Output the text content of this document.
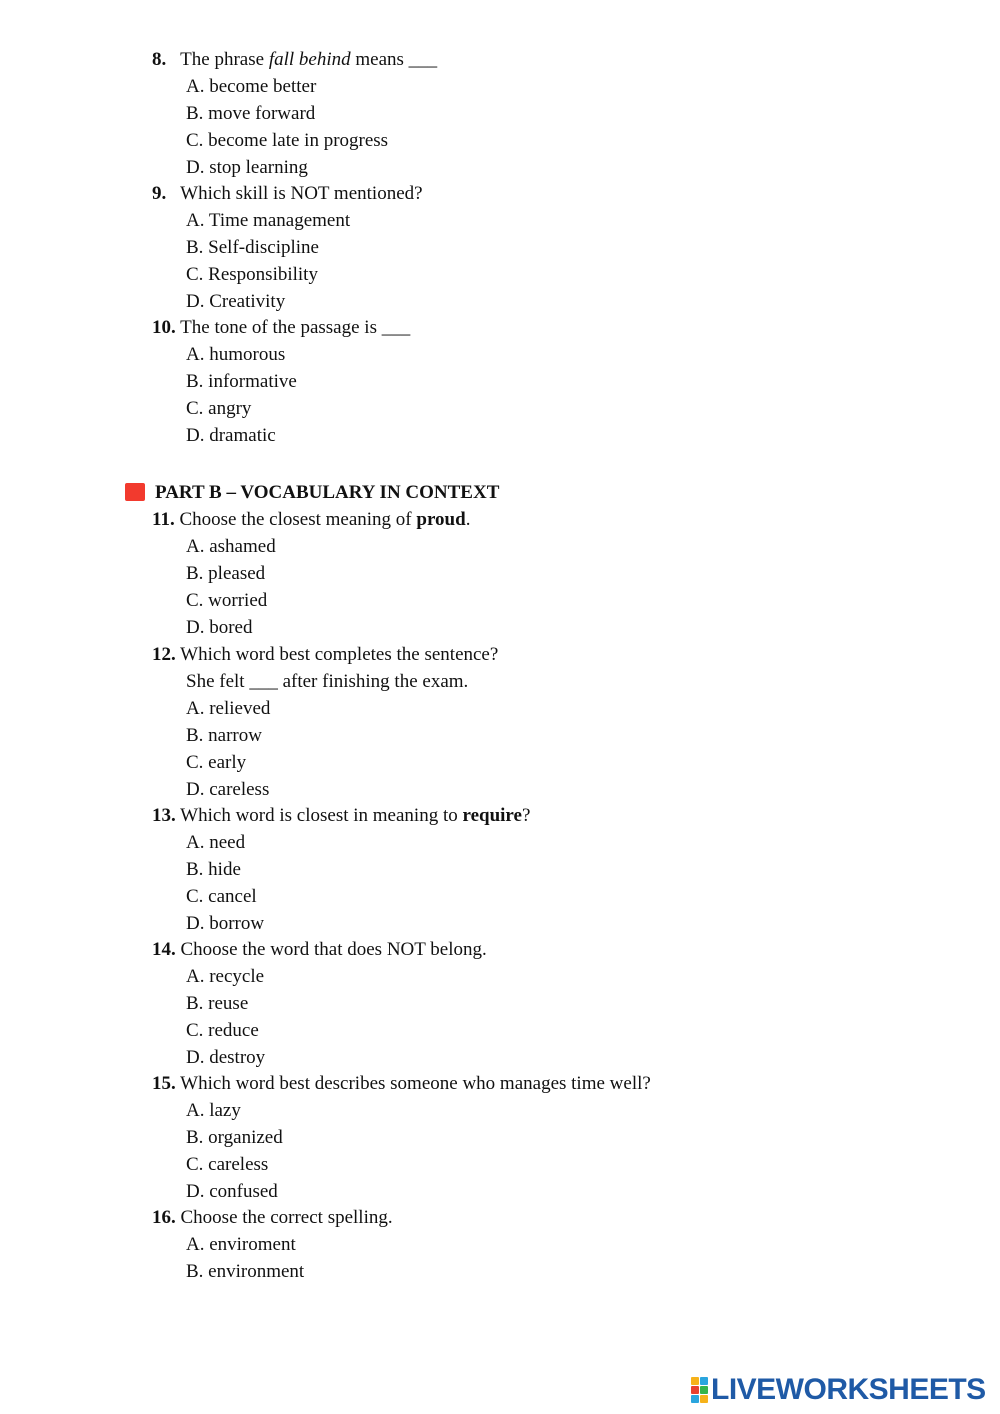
8. The phrase fall behind means ___
A. become better
B. move forward
C. become late in progress
D. stop learning
9. Which skill is NOT mentioned?
A. Time management
B. Self-discipline
C. Responsibility
D. Creativity
10. The tone of the passage is ___
A. humorous
B. informative
C. angry
D. dramatic
PART B – VOCABULARY IN CONTEXT
11. Choose the closest meaning of proud.
A. ashamed
B. pleased
C. worried
D. bored
12. Which word best completes the sentence?
She felt ___ after finishing the exam.
A. relieved
B. narrow
C. early
D. careless
13. Which word is closest in meaning to require?
A. need
B. hide
C. cancel
D. borrow
14. Choose the word that does NOT belong.
A. recycle
B. reuse
C. reduce
D. destroy
15. Which word best describes someone who manages time well?
A. lazy
B. organized
C. careless
D. confused
16. Choose the correct spelling.
A. enviroment
B. environment
LIVEWORKSHEETS
